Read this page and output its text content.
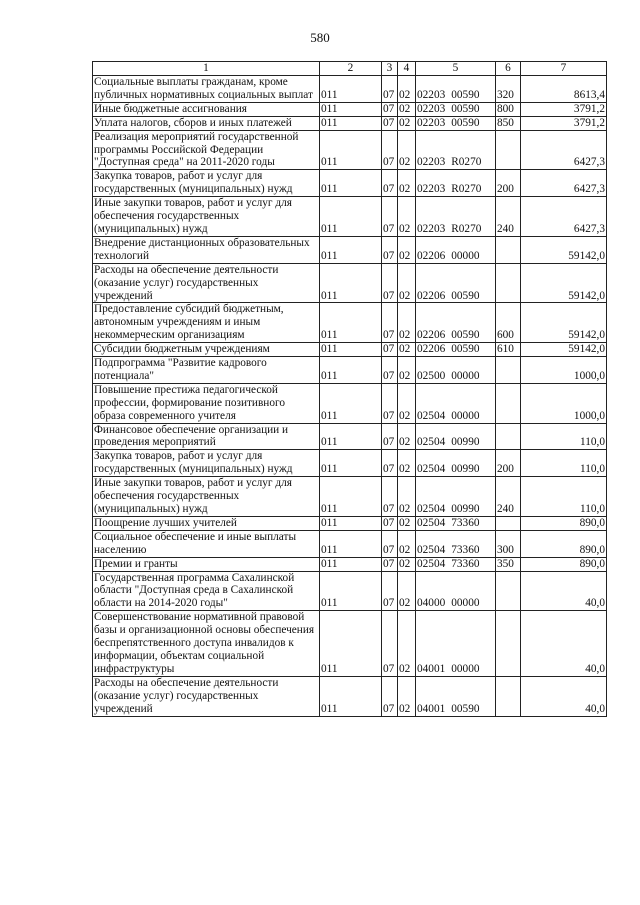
580
1	2	3	4	5	6	7
Социальные выплаты гражданам, кроме публичных нормативных социальных выплат	011	07	02	02203 00590	320	8613,4
Иные бюджетные ассигнования	011	07	02	02203 00590	800	3791,2
Уплата налогов, сборов и иных платежей	011	07	02	02203 00590	850	3791,2
Реализация мероприятий государственной программы Российской Федерации "Доступная среда" на 2011-2020 годы	011	07	02	02203 R0270		6427,3
Закупка товаров, работ и услуг для государственных (муниципальных) нужд	011	07	02	02203 R0270	200	6427,3
Иные закупки товаров, работ и услуг для обеспечения государственных (муниципальных) нужд	011	07	02	02203 R0270	240	6427,3
Внедрение дистанционных образовательных технологий	011	07	02	02206 00000		59142,0
Расходы на обеспечение деятельности (оказание услуг) государственных учреждений	011	07	02	02206 00590		59142,0
Предоставление субсидий бюджетным, автономным учреждениям и иным некоммерческим организациям	011	07	02	02206 00590	600	59142,0
Субсидии бюджетным учреждениям	011	07	02	02206 00590	610	59142,0
Подпрограмма "Развитие кадрового потенциала"	011	07	02	02500 00000		1000,0
Повышение престижа педагогической профессии, формирование позитивного образа современного учителя	011	07	02	02504 00000		1000,0
Финансовое обеспечение организации и проведения мероприятий	011	07	02	02504 00990		110,0
Закупка товаров, работ и услуг для государственных (муниципальных) нужд	011	07	02	02504 00990	200	110,0
Иные закупки товаров, работ и услуг для обеспечения государственных (муниципальных) нужд	011	07	02	02504 00990	240	110,0
Поощрение лучших учителей	011	07	02	02504 73360		890,0
Социальное обеспечение и иные выплаты населению	011	07	02	02504 73360	300	890,0
Премии и гранты	011	07	02	02504 73360	350	890,0
Государственная программа Сахалинской области "Доступная среда в Сахалинской области на 2014-2020 годы"	011	07	02	04000 00000		40,0
Совершенствование нормативной правовой базы и организационной основы обеспечения беспрепятственного доступа инвалидов к информации, объектам социальной инфраструктуры	011	07	02	04001 00000		40,0
Расходы на обеспечение деятельности (оказание услуг) государственных учреждений	011	07	02	04001 00590		40,0
